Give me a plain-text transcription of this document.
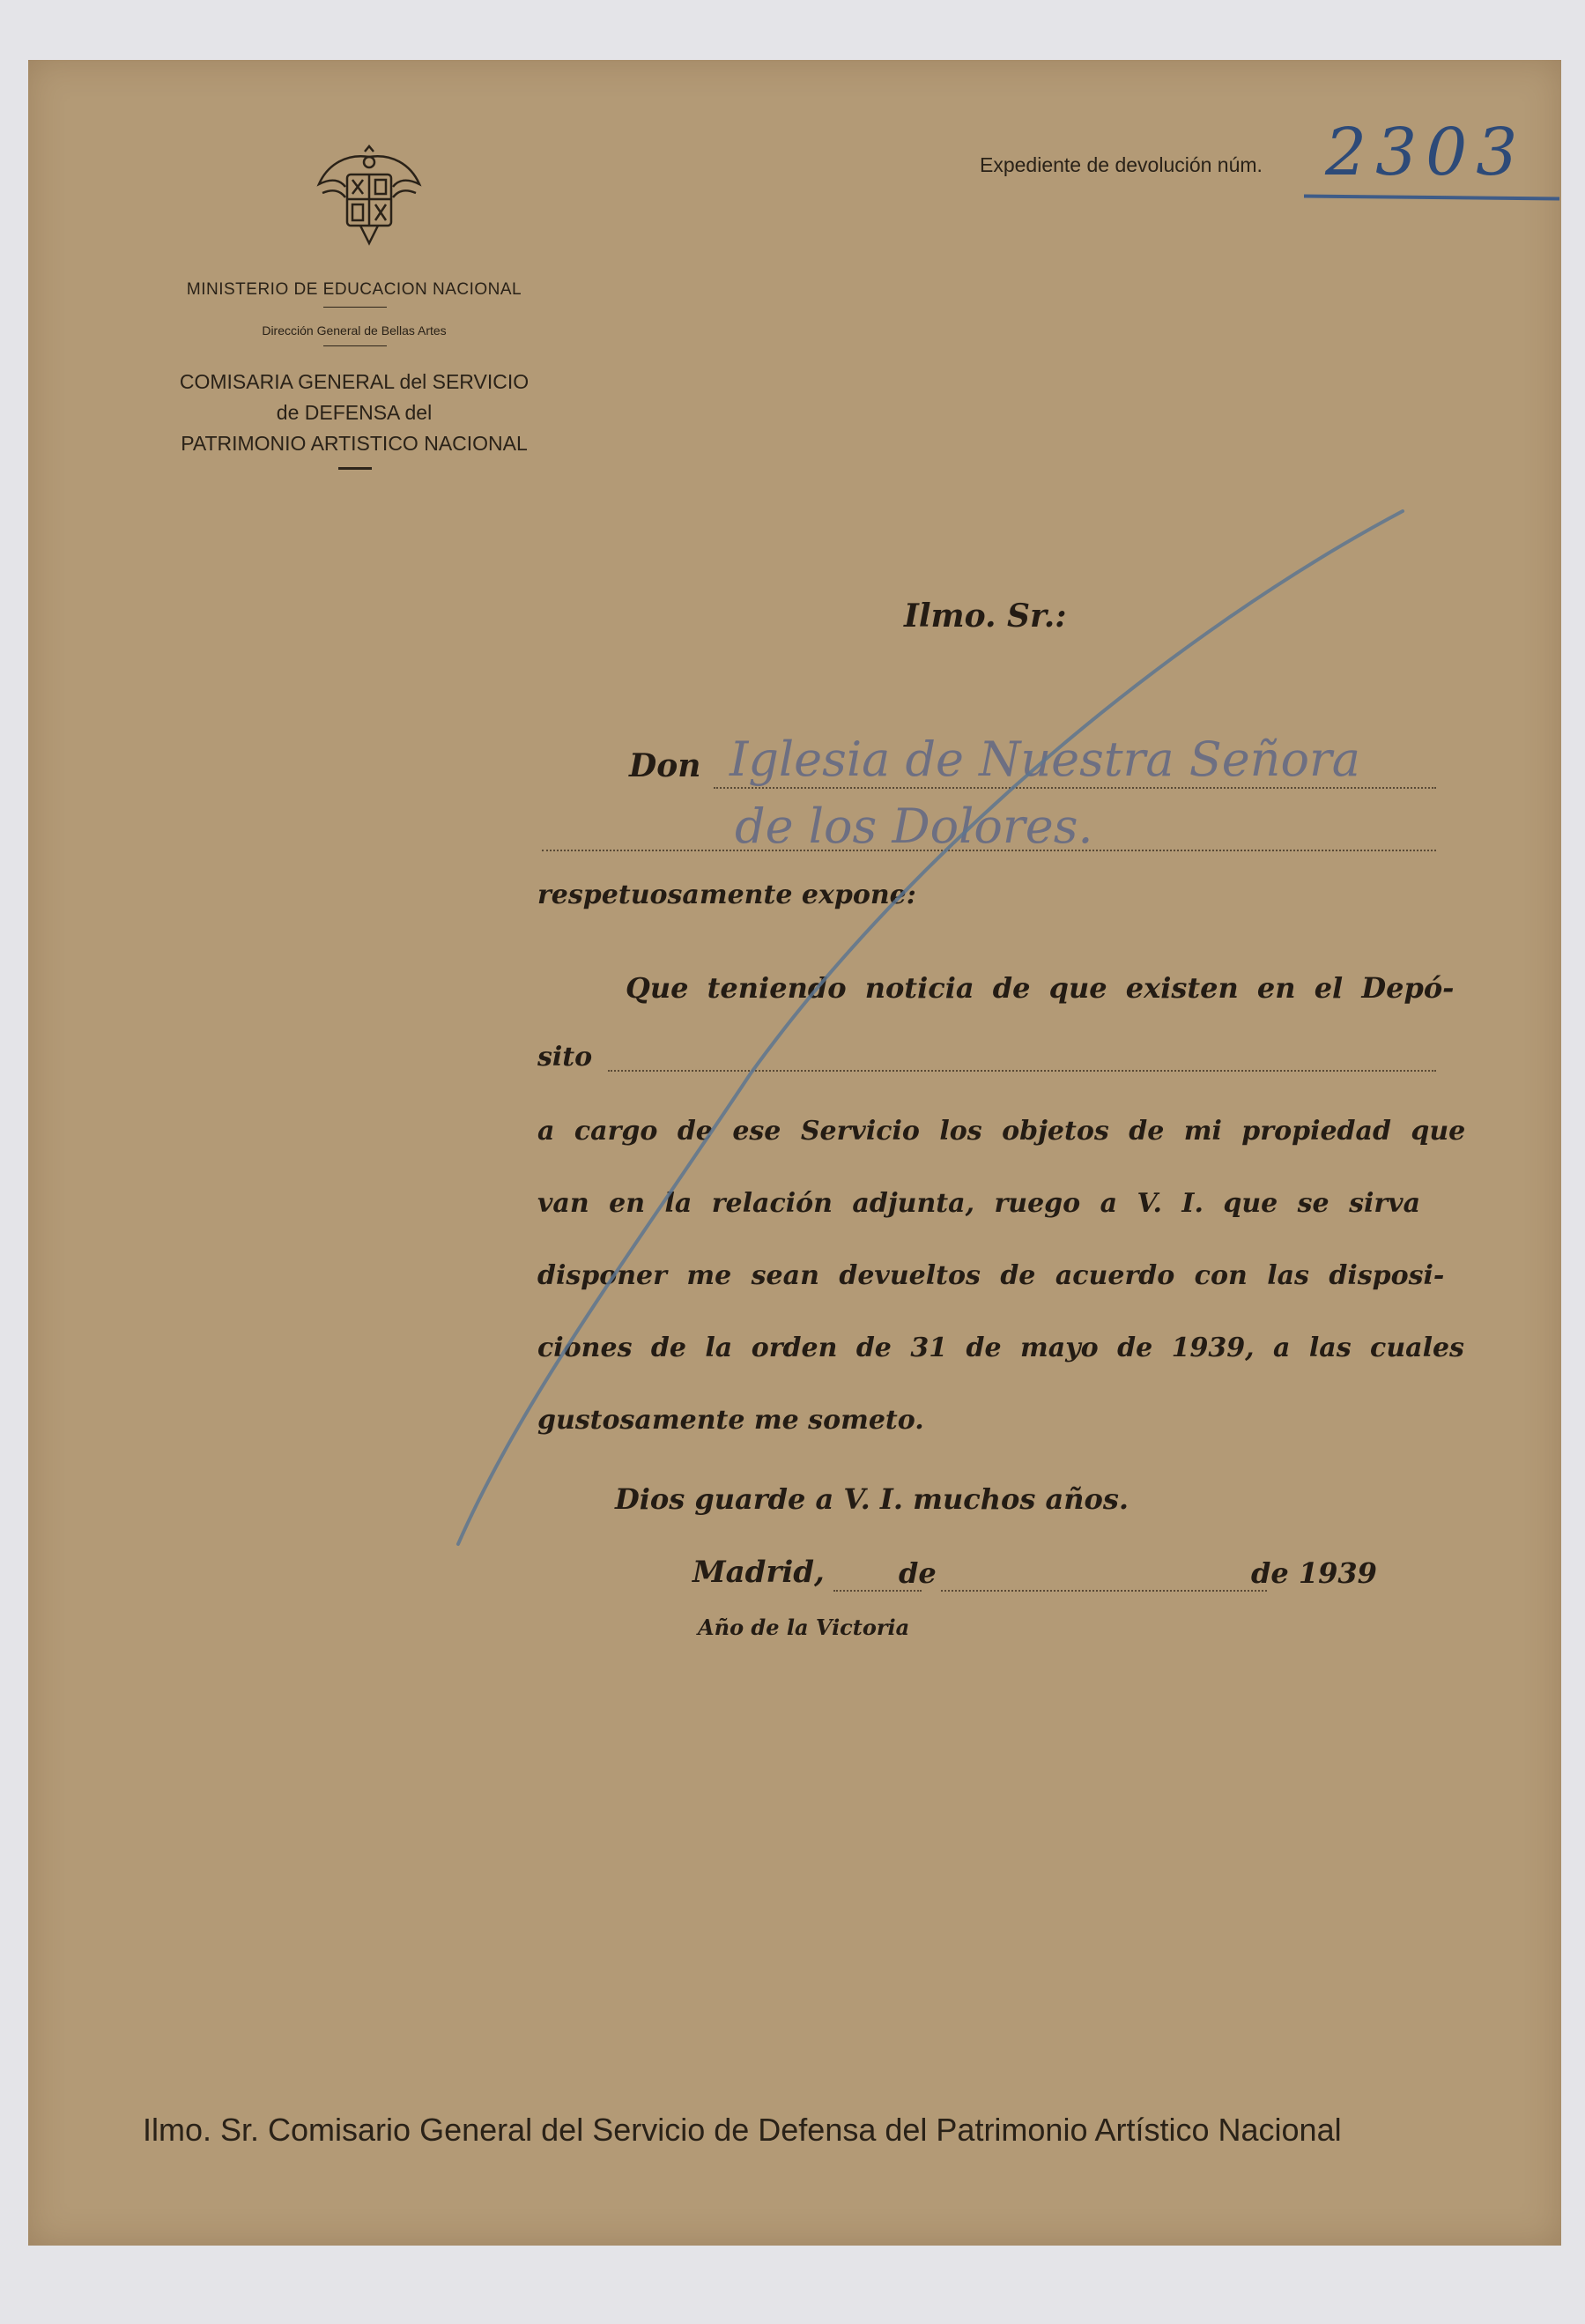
MINISTERIO DE EDUCACION NACIONAL
Dirección General de Bellas Artes
COMISARIA GENERAL del SERVICIO
de DEFENSA del
PATRIMONIO ARTISTICO NACIONAL
Expediente de devolución núm. 2303
Ilmo. Sr.:
Don Iglesia de Nuestra Señora
de los Dolores.
respetuosamente expone:
Que teniendo noticia de que existen en el Depó-
sito
a cargo de ese Servicio los objetos de mi propiedad que
van en la relación adjunta, ruego a V. I. que se sirva
disponer me sean devueltos de acuerdo con las disposi-
ciones de la orden de 31 de mayo de 1939, a las cuales
gustosamente me someto.
Dios guarde a V. I. muchos años.
Madrid,	de	de 1939
Año de la Victoria
Ilmo. Sr. Comisario General del Servicio de Defensa del Patrimonio Artístico Nacional
